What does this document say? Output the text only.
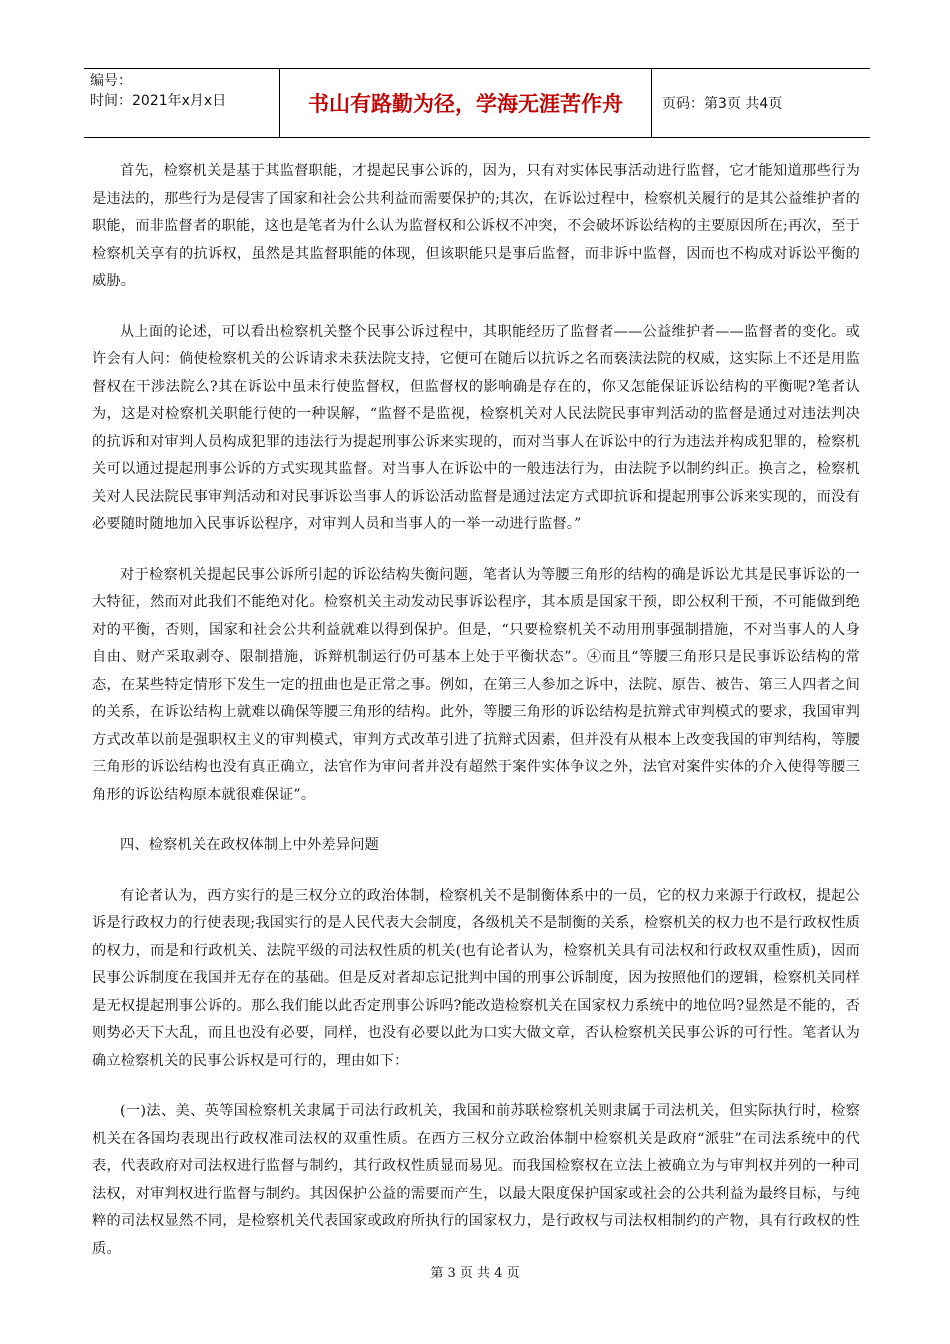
编号：
时间：2021年x月x日	书山有路勤为径，学海无涯苦作舟	页码：第3页 共4页

首先，检察机关是基于其监督职能，才提起民事公诉的，因为，只有对实体民事活动进行监督，它才能知道那些行为是违法的，那些行为是侵害了国家和社会公共利益而需要保护的;其次，在诉讼过程中，检察机关履行的是其公益维护者的职能，而非监督者的职能，这也是笔者为什么认为监督权和公诉权不冲突，不会破坏诉讼结构的主要原因所在;再次，至于检察机关享有的抗诉权，虽然是其监督职能的体现，但该职能只是事后监督，而非诉中监督，因而也不构成对诉讼平衡的威胁。

从上面的论述，可以看出检察机关整个民事公诉过程中，其职能经历了监督者——公益维护者——监督者的变化。或许会有人问：倘使检察机关的公诉请求未获法院支持，它便可在随后以抗诉之名而亵渎法院的权威，这实际上不还是用监督权在干涉法院么?其在诉讼中虽未行使监督权，但监督权的影响确是存在的，你又怎能保证诉讼结构的平衡呢?笔者认为，这是对检察机关职能行使的一种误解，“监督不是监视，检察机关对人民法院民事审判活动的监督是通过对违法判决的抗诉和对审判人员构成犯罪的违法行为提起刑事公诉来实现的，而对当事人在诉讼中的行为违法并构成犯罪的，检察机关可以通过提起刑事公诉的方式实现其监督。对当事人在诉讼中的一般违法行为，由法院予以制约纠正。换言之，检察机关对人民法院民事审判活动和对民事诉讼当事人的诉讼活动监督是通过法定方式即抗诉和提起刑事公诉来实现的，而没有必要随时随地加入民事诉讼程序，对审判人员和当事人的一举一动进行监督。”

对于检察机关提起民事公诉所引起的诉讼结构失衡问题，笔者认为等腰三角形的结构的确是诉讼尤其是民事诉讼的一大特征，然而对此我们不能绝对化。检察机关主动发动民事诉讼程序，其本质是国家干预，即公权利干预，不可能做到绝对的平衡，否则，国家和社会公共利益就难以得到保护。但是，“只要检察机关不动用刑事强制措施，不对当事人的人身自由、财产采取剥夺、限制措施，诉辩机制运行仍可基本上处于平衡状态”。④而且“等腰三角形只是民事诉讼结构的常态，在某些特定情形下发生一定的扭曲也是正常之事。例如，在第三人参加之诉中，法院、原告、被告、第三人四者之间的关系，在诉讼结构上就难以确保等腰三角形的结构。此外，等腰三角形的诉讼结构是抗辩式审判模式的要求，我国审判方式改革以前是强职权主义的审判模式，审判方式改革引进了抗辩式因素，但并没有从根本上改变我国的审判结构，等腰三角形的诉讼结构也没有真正确立，法官作为审问者并没有超然于案件实体争议之外，法官对案件实体的介入使得等腰三角形的诉讼结构原本就很难保证”。

四、检察机关在政权体制上中外差异问题

有论者认为，西方实行的是三权分立的政治体制，检察机关不是制衡体系中的一员，它的权力来源于行政权，提起公诉是行政权力的行使表现;我国实行的是人民代表大会制度，各级机关不是制衡的关系，检察机关的权力也不是行政权性质的权力，而是和行政机关、法院平级的司法权性质的机关(也有论者认为，检察机关具有司法权和行政权双重性质)，因而民事公诉制度在我国并无存在的基础。但是反对者却忘记批判中国的刑事公诉制度，因为按照他们的逻辑，检察机关同样是无权提起刑事公诉的。那么我们能以此否定刑事公诉吗?能改造检察机关在国家权力系统中的地位吗?显然是不能的，否则势必天下大乱，而且也没有必要，同样，也没有必要以此为口实大做文章，否认检察机关民事公诉的可行性。笔者认为确立检察机关的民事公诉权是可行的，理由如下：

(一)法、美、英等国检察机关隶属于司法行政机关，我国和前苏联检察机关则隶属于司法机关，但实际执行时，检察机关在各国均表现出行政权准司法权的双重性质。在西方三权分立政治体制中检察机关是政府“派驻”在司法系统中的代表，代表政府对司法权进行监督与制约，其行政权性质显而易见。而我国检察权在立法上被确立为与审判权并列的一种司法权，对审判权进行监督与制约。其因保护公益的需要而产生，以最大限度保护国家或社会的公共利益为最终目标，与纯粹的司法权显然不同，是检察机关代表国家或政府所执行的国家权力，是行政权与司法权相制约的产物，具有行政权的性质。

第 3 页 共 4 页
